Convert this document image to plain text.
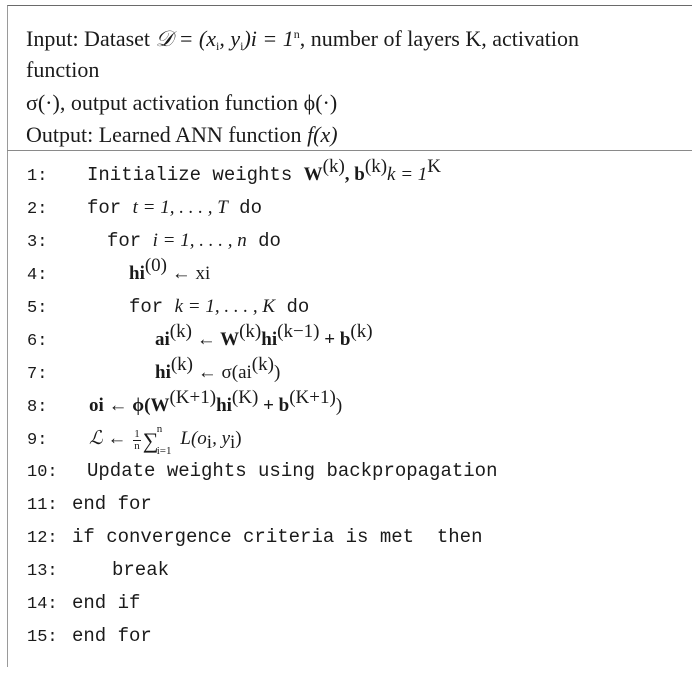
Input: Dataset 𝒟 = ($x_i$, $y_i)i = 1^n$, number of layers K, activation
function
σ(·), output activation function ϕ(·)
Output: Learned ANN function f(x)
1: Initialize weights $W^{(k)}$, $b^{(k)}k = 1^K$
2: for t = 1, . . . , T do
3:	for i = 1, . . . , n do
4:	$hi^{(0)}$ ← xi
5:	for k = 1, . . . , K do
6:	$ai^{(k)}$ ← $W^{(k)}hi^{(k-1)} + b^{(k)}$
7:	$hi^{(k)}$ ← $\sigma(ai^{(k)})$
8: oi ← $\phi(W^{(K+1)}hi^{(K)} + b^{(K+1)})$
9: ℒ ← $\frac{1}{n}$ ∑
n
i=1
$L(o_i$, $y_i$)
10: Update weights using backpropagation
11: end for
12: if convergence criteria is met  then
13:	break
14: end if
15: end for
